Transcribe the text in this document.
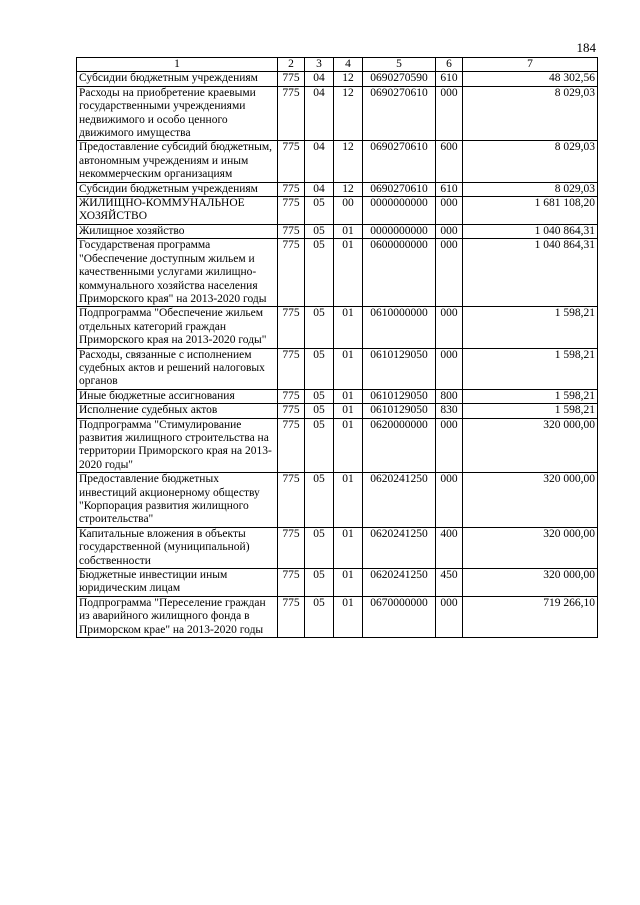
184
1	2	3	4	5	6	7
Субсидии бюджетным учреждениям	775	04	12	0690270590	610	48 302,56
Расходы на приобретение краевыми государственными учреждениями недвижимого и особо ценного движимого имущества	775	04	12	0690270610	000	8 029,03
Предоставление субсидий бюджетным, автономным учреждениям и иным некоммерческим организациям	775	04	12	0690270610	600	8 029,03
Субсидии бюджетным учреждениям	775	04	12	0690270610	610	8 029,03
ЖИЛИЩНО-КОММУНАЛЬНОЕ ХОЗЯЙСТВО	775	05	00	0000000000	000	1 681 108,20
Жилищное хозяйство	775	05	01	0000000000	000	1 040 864,31
Государственая программа "Обеспечение доступным жильем и качественными услугами жилищно-коммунального хозяйства населения Приморского края" на 2013-2020 годы	775	05	01	0600000000	000	1 040 864,31
Подпрограмма "Обеспечение жильем отдельных категорий граждан Приморского края на 2013-2020 годы"	775	05	01	0610000000	000	1 598,21
Расходы, связанные с исполнением судебных актов и решений налоговых органов	775	05	01	0610129050	000	1 598,21
Иные бюджетные ассигнования	775	05	01	0610129050	800	1 598,21
Исполнение судебных актов	775	05	01	0610129050	830	1 598,21
Подпрограмма "Стимулирование развития жилищного строительства на территории Приморского края на 2013-2020 годы"	775	05	01	0620000000	000	320 000,00
Предоставление бюджетных инвестиций акционерному обществу "Корпорация развития жилищного строительства"	775	05	01	0620241250	000	320 000,00
Капитальные вложения в объекты государственной (муниципальной) собственности	775	05	01	0620241250	400	320 000,00
Бюджетные инвестиции иным юридическим лицам	775	05	01	0620241250	450	320 000,00
Подпрограмма "Переселение граждан из аварийного жилищного фонда в Приморском крае" на 2013-2020 годы	775	05	01	0670000000	000	719 266,10
